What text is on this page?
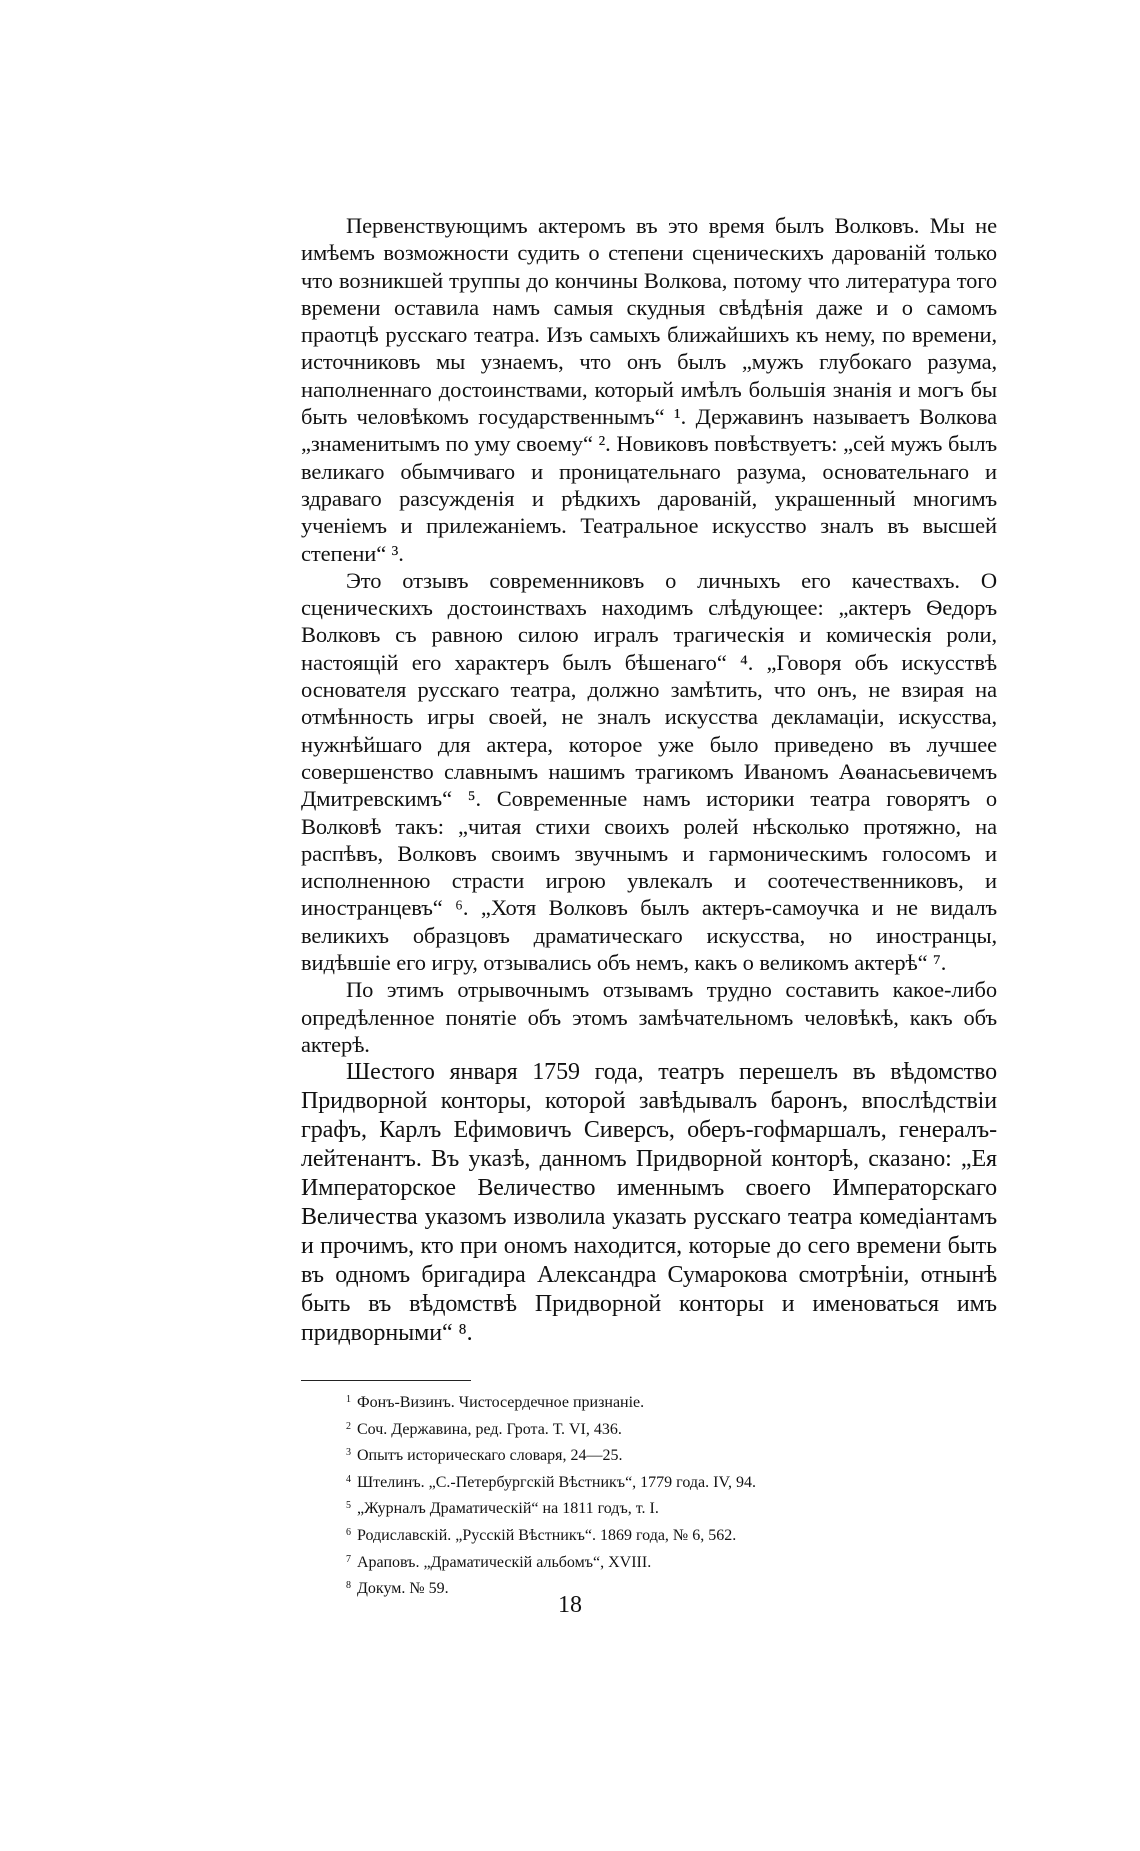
Первенствующимъ актеромъ въ это время былъ Волковъ. Мы не имѣемъ возможности судить о степени сценическихъ дарованій только что возникшей труппы до кончины Волкова, потому что литература того времени оставила намъ самыя скудныя свѣдѣнія даже и о самомъ праотцѣ русскаго театра. Изъ самыхъ ближайшихъ къ нему, по времени, источниковъ мы узнаемъ, что онъ былъ „мужъ глубокаго разума, наполненнаго достоинствами, который имѣлъ большія знанія и могъ бы быть человѣкомъ государственнымъ“ ¹. Державинъ называетъ Волкова „знаменитымъ по уму своему“ ². Новиковъ повѣствуетъ: „сей мужъ былъ великаго обымчиваго и проницательнаго разума, основательнаго и здраваго разсужденія и рѣдкихъ дарованій, украшенный многимъ ученіемъ и прилежаніемъ. Театральное искусство зналъ въ высшей степени“ ³.

Это отзывъ современниковъ о личныхъ его качествахъ. О сценическихъ достоинствахъ находимъ слѣдующее: „актеръ Ѳедоръ Волковъ съ равною силою игралъ трагическія и комическія роли, настоящій его характеръ былъ бѣшенаго“ ⁴. „Говоря объ искусствѣ основателя русскаго театра, должно замѣтить, что онъ, не взирая на отмѣнность игры своей, не зналъ искусства декламаціи, искусства, нужнѣйшаго для актера, которое уже было приведено въ лучшее совершенство славнымъ нашимъ трагикомъ Иваномъ Аѳанасьевичемъ Дмитревскимъ“ ⁵. Современные намъ историки театра говорятъ о Волковѣ такъ: „читая стихи своихъ ролей нѣсколько протяжно, на распѣвъ, Волковъ своимъ звучнымъ и гармоническимъ голосомъ и исполненною страсти игрою увлекалъ и соотечественниковъ, и иностранцевъ“ ⁶. „Хотя Волковъ былъ актеръ-самоучка и не видалъ великихъ образцовъ драматическаго искусства, но иностранцы, видѣвшіе его игру, отзывались объ немъ, какъ о великомъ актерѣ“ ⁷.

По этимъ отрывочнымъ отзывамъ трудно составить какое-либо опредѣленное понятіе объ этомъ замѣчательномъ человѣкѣ, какъ объ актерѣ.

Шестого января 1759 года, театръ перешелъ въ вѣдомство Придворной конторы, которой завѣдывалъ баронъ, впослѣдствіи графъ, Карлъ Ефимовичъ Сиверсъ, оберъ-гофмаршалъ, генералъ-лейтенантъ. Въ указѣ, данномъ Придворной конторѣ, сказано: „Ея Императорское Величество именнымъ своего Императорскаго Величества указомъ изволила указать русскаго театра комедіантамъ и прочимъ, кто при ономъ находится, которые до сего времени быть въ одномъ бригадира Александра Сумарокова смотрѣніи, отнынѣ быть въ вѣдомствѣ Придворной конторы и именоваться имъ придворными“ ⁸.

$^1$ Фонъ-Визинъ. Чистосердечное признаніе.
$^2$ Соч. Державина, ред. Грота. Т. VI, 436.
$^3$ Опытъ историческаго словаря, 24—25.
$^4$ Штелинъ. „С.-Петербургскій Вѣстникъ“, 1779 года. IV, 94.
$^5$ „Журналъ Драматическій“ на 1811 годъ, т. I.
$^6$ Родиславскій. „Русскій Вѣстникъ“. 1869 года, № 6, 562.
$^7$ Араповъ. „Драматическій альбомъ“, XVIII.
$^8$ Докум. № 59.
18
